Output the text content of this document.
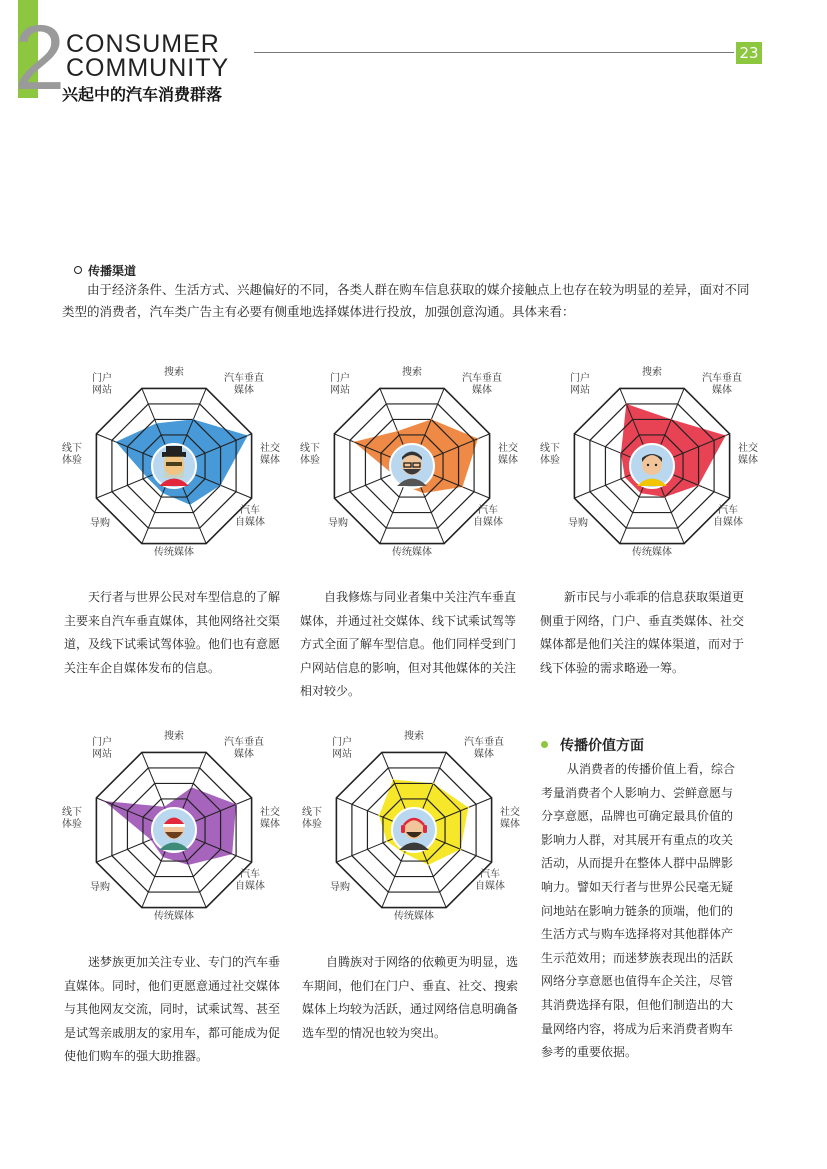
2 CONSUMER
COMMUNITY
兴起中的汽车消费群落
23
传播渠道
由于经济条件、生活方式、兴趣偏好的不同，各类人群在购车信息获取的媒介接触点上也存在较为明显的差异，面对不同类型的消费者，汽车类广告主有必要有侧重地选择媒体进行投放，加强创意沟通。具体来看：
搜索
汽车垂直
媒体
社交
媒体
汽车
自媒体
传统媒体
导购
线下
体验
门户
网站
搜索
汽车垂直
媒体
社交
媒体
汽车
自媒体
传统媒体
导购
线下
体验
门户
网站
搜索
汽车垂直
媒体
社交
媒体
汽车
自媒体
传统媒体
导购
线下
体验
门户
网站
搜索
汽车垂直
媒体
社交
媒体
汽车
自媒体
传统媒体
导购
线下
体验
门户
网站
搜索
汽车垂直
媒体
社交
媒体
汽车
自媒体
传统媒体
导购
线下
体验
门户
网站
天行者与世界公民对车型信息的了解主要来自汽车垂直媒体，其他网络社交渠道，及线下试乘试驾体验。他们也有意愿关注车企自媒体发布的信息。
自我修炼与同业者集中关注汽车垂直媒体，并通过社交媒体、线下试乘试驾等方式全面了解车型信息。他们同样受到门户网站信息的影响，但对其他媒体的关注相对较少。
新市民与小乖乖的信息获取渠道更侧重于网络，门户、垂直类媒体、社交媒体都是他们关注的媒体渠道，而对于线下体验的需求略逊一筹。
迷梦族更加关注专业、专门的汽车垂直媒体。同时，他们更愿意通过社交媒体与其他网友交流，同时，试乘试驾、甚至是试驾亲戚朋友的家用车，都可能成为促使他们购车的强大助推器。
自腾族对于网络的依赖更为明显，选车期间，他们在门户、垂直、社交、搜索媒体上均较为活跃，通过网络信息明确备选车型的情况也较为突出。
传播价值方面
从消费者的传播价值上看，综合考量消费者个人影响力、尝鲜意愿与分享意愿，品牌也可确定最具价值的影响力人群，对其展开有重点的攻关活动，从而提升在整体人群中品牌影响力。譬如天行者与世界公民毫无疑问地站在影响力链条的顶端，他们的生活方式与购车选择将对其他群体产生示范效用；而迷梦族表现出的活跃网络分享意愿也值得车企关注，尽管其消费选择有限，但他们制造出的大量网络内容，将成为后来消费者购车参考的重要依据。
